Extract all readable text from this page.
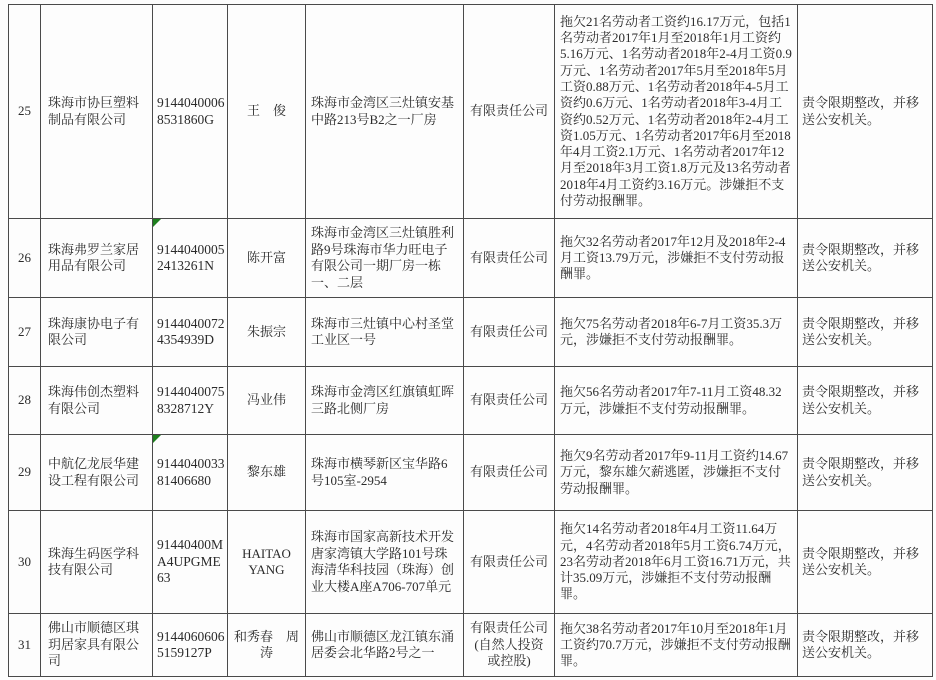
25	珠海市协巨塑料制品有限公司	91440400068531860G	王　俊	珠海市金湾区三灶镇安基中路213号B2之一厂房	有限责任公司	拖欠21名劳动者工资约16.17万元，包括1名劳动者2017年1月至2018年1月工资约5.16万元、1名劳动者2018年2-4月工资0.9万元、1名劳动者2017年5月至2018年5月工资0.88万元、1名劳动者2018年4-5月工资约0.6万元、1名劳动者2018年3-4月工资约0.52万元、1名劳动者2018年2-4月工资1.05万元、1名劳动者2017年6月至2018年4月工资2.1万元、1名劳动者2017年12月至2018年3月工资1.8万元及13名劳动者2018年4月工资约3.16万元。涉嫌拒不支付劳动报酬罪。	责令限期整改，并移送公安机关。
26	珠海弗罗兰家居用品有限公司	91440400052413261N	陈开富	珠海市金湾区三灶镇胜利路9号珠海市华力旺电子有限公司一期厂房一栋一、二层	有限责任公司	拖欠32名劳动者2017年12月及2018年2-4月工资13.79万元，涉嫌拒不支付劳动报酬罪。	责令限期整改，并移送公安机关。
27	珠海康协电子有限公司	91440400724354939D	朱振宗	珠海市三灶镇中心村圣堂工业区一号	有限责任公司	拖欠75名劳动者2018年6-7月工资35.3万元，涉嫌拒不支付劳动报酬罪。	责令限期整改，并移送公安机关。
28	珠海伟创杰塑料有限公司	91440400758328712Y	冯业伟	珠海市金湾区红旗镇虹晖三路北侧厂房	有限责任公司	拖欠56名劳动者2017年7-11月工资48.32万元，涉嫌拒不支付劳动报酬罪。	责令限期整改，并移送公安机关。
29	中航亿龙辰华建设工程有限公司	914404003381406680	黎东雄	珠海市横琴新区宝华路6号105室-2954	有限责任公司	拖欠9名劳动者2017年9-11月工资约14.67万元，黎东雄欠薪逃匿，涉嫌拒不支付劳动报酬罪。	责令限期整改，并移送公安机关。
30	珠海生码医学科技有限公司	91440400MA4UPGME63	HAITAO YANG	珠海市国家高新技术开发唐家湾镇大学路101号珠海清华科技园（珠海）创业大楼A座A706-707单元	有限责任公司	拖欠14名劳动者2018年4月工资11.64万元，4名劳动者2018年5月工资6.74万元，23名劳动者2018年6月工资16.71万元，共计35.09万元，涉嫌拒不支付劳动报酬罪。	责令限期整改，并移送公安机关。
31	佛山市顺德区琪玥居家具有限公司	91440606065159127P	和秀春　周涛	佛山市顺德区龙江镇东涌居委会北华路2号之一	有限责任公司(自然人投资或控股)	拖欠38名劳动者2017年10月至2018年1月工资约70.7万元，涉嫌拒不支付劳动报酬罪。	责令限期整改，并移送公安机关。
